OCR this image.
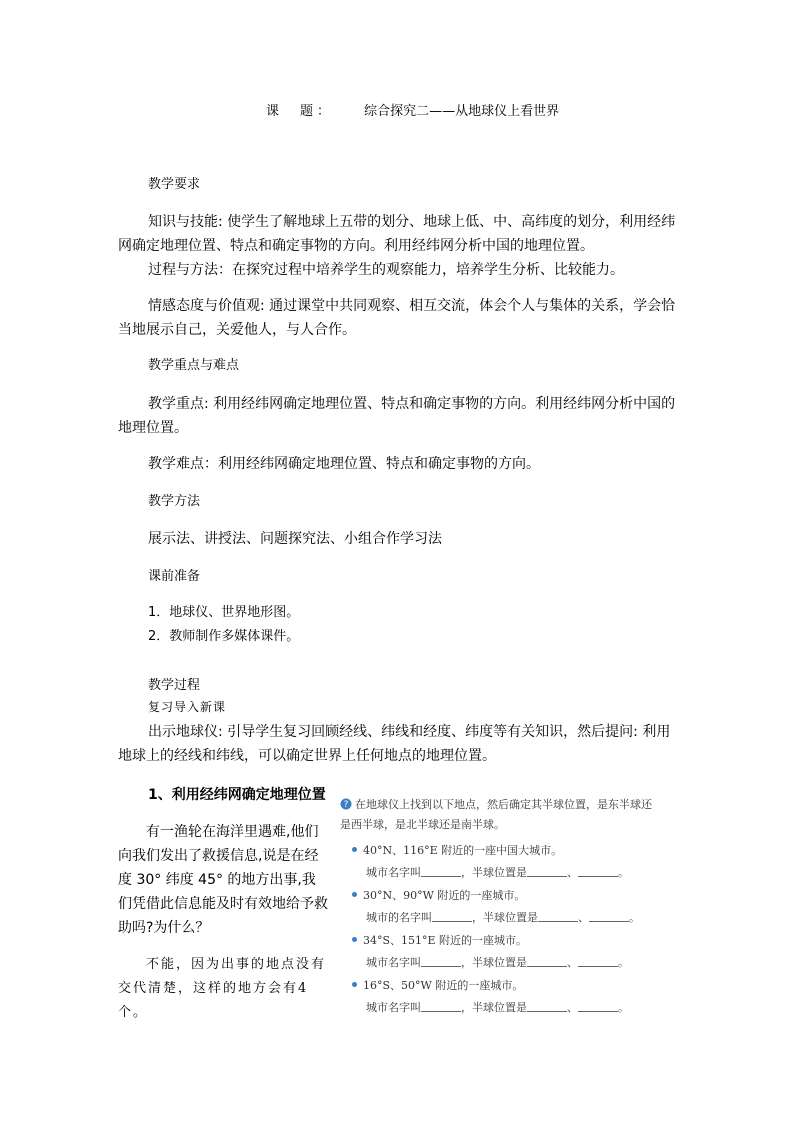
课　题： 综合探究二——从地球仪上看世界
教学要求
知识与技能: 使学生了解地球上五带的划分、地球上低、中、高纬度的划分，利用经纬网确定地理位置、特点和确定事物的方向。利用经纬网分析中国的地理位置。
过程与方法：在探究过程中培养学生的观察能力，培养学生分析、比较能力。
情感态度与价值观: 通过课堂中共同观察、相互交流，体会个人与集体的关系，学会恰当地展示自己，关爱他人，与人合作。
教学重点与难点
教学重点: 利用经纬网确定地理位置、特点和确定事物的方向。利用经纬网分析中国的地理位置。
教学难点：利用经纬网确定地理位置、特点和确定事物的方向。
教学方法
展示法、讲授法、问题探究法、小组合作学习法
课前准备
1．地球仪、世界地形图。
2．教师制作多媒体课件。
教学过程
复习导入新课
出示地球仪: 引导学生复习回顾经线、纬线和经度、纬度等有关知识，然后提问: 利用地球上的经线和纬线，可以确定世界上任何地点的地理位置。
1、利用经纬网确定地理位置
有一渔轮在海洋里遇难,他们向我们发出了救援信息,说是在经度 30° 纬度 45° 的地方出事,我们凭借此信息能及时有效地给予救助吗?为什么？
不能，因为出事的地点没有交代清楚，这样的地方会有4个。
? 在地球仪上找到以下地点，然后确定其半球位置，是东半球还是西半球，是北半球还是南半球。
40°N、116°E 附近的一座中国大城市。
城市名字叫	，半球位置是	、	。
30°N、90°W 附近的一座城市。
城市的名字叫	，半球位置是	、	。
34°S、151°E 附近的一座城市。
城市名字叫	，半球位置是	、	。
16°S、50°W 附近的一座城市。
城市名字叫	，半球位置是	、	。
